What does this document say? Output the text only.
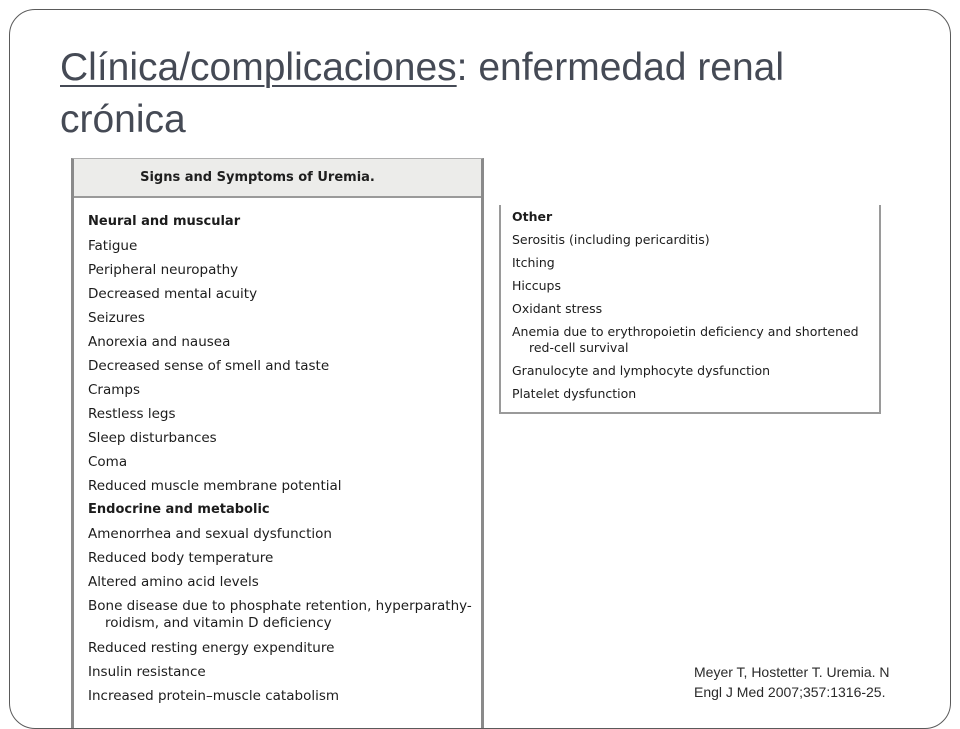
Clínica/complicaciones: enfermedad renal
crónica
Signs and Symptoms of Uremia.
Neural and muscular
Fatigue
Peripheral neuropathy
Decreased mental acuity
Seizures
Anorexia and nausea
Decreased sense of smell and taste
Cramps
Restless legs
Sleep disturbances
Coma
Reduced muscle membrane potential
Endocrine and metabolic
Amenorrhea and sexual dysfunction
Reduced body temperature
Altered amino acid levels
Bone disease due to phosphate retention, hyperparathy-
roidism, and vitamin D deficiency
Reduced resting energy expenditure
Insulin resistance
Increased protein–muscle catabolism
Other
Serositis (including pericarditis)
Itching
Hiccups
Oxidant stress
Anemia due to erythropoietin deficiency and shortened
red-cell survival
Granulocyte and lymphocyte dysfunction
Platelet dysfunction
Meyer T, Hostetter T. Uremia. N
Engl J Med 2007;357:1316-25.
